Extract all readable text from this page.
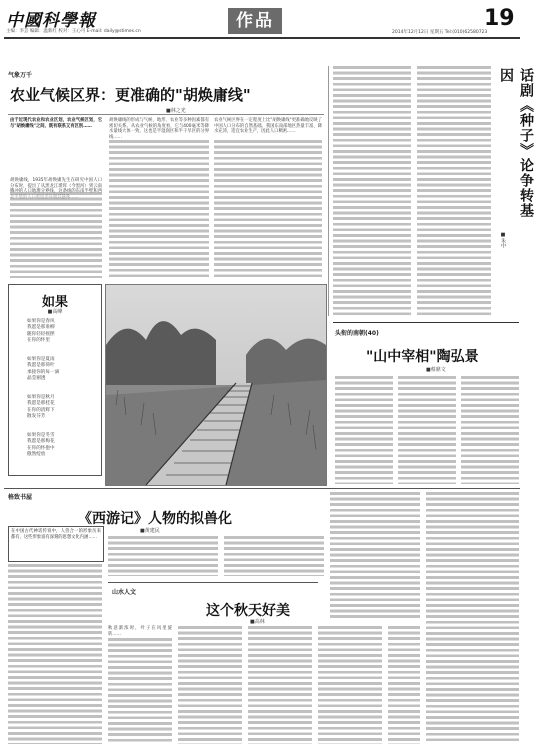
中國科學報
主编：李芸 编辑：温新红 校对：王心可 E-mail: daily@stimes.cn
作品	19
2014年12月12日 星期五 Tel:(010)62580723
气象万千
农业气候区界：更准确的"胡焕庸线"
■林之光
由于近现代农业和农业区划，农业气候区划，它与"胡焕庸线"之间，既有联系又有区别……
胡焕庸线，1935年胡焕庸先生在研究中国人口分布时，提出了从黑龙江瑷珲（今黑河）到云南
胡焕庸线的形成与气候、地形、农业等多种因素都有密切关系。从农业气候的角度看，它与400毫米等降水量线大体一致，这也是半湿润区和半干旱区的分界线……
农业气候区界在一定程度上比"胡焕庸线"更准确地反映了中国人口分布的自然基础。我国东南部地区热量丰富、降水充沛，适宜农业生产，因此人口稠密……	话剧《种子》论争转基因
■朱中
如果
■高峰
如果你是春风
我愿是那垂柳
随你轻轻摇摆
在你的怀里
如果你是夏雨
我愿是那荷叶
承接你的每一滴
晶莹剔透
如果你是秋月
我愿是那桂花
在你的清辉下
散发芬芳
如果你是冬雪
我愿是那梅花
在你的怀抱中
傲然绽放
头衔的南朝(40)
"山中宰相"陶弘景
■蔡鼎文
格致书屋
《西游记》人物的拟兽化
■黄建民
在中国古代神话传说中，人兽合一的形象历来都有，这些形象富有深刻的思想文化内涵……
山水人文
这个秋天好美
■高林
秋意渐浓时，叶子在风里旋转……
